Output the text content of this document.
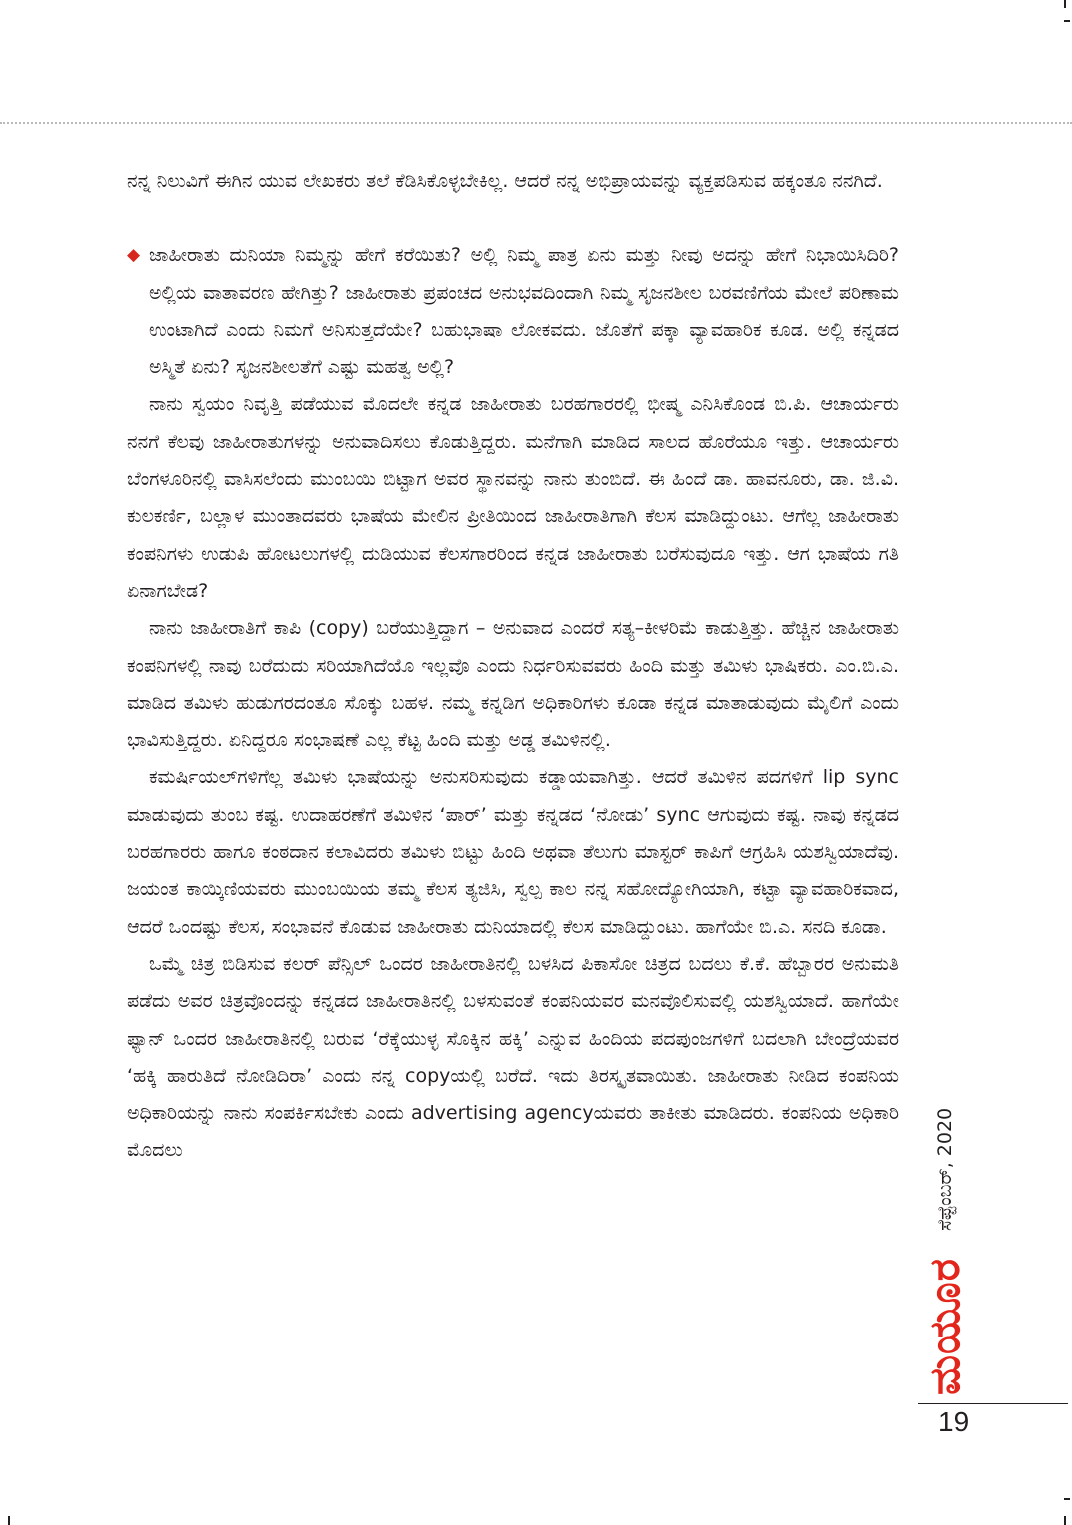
ನನ್ನ ನಿಲುವಿಗೆ ಈಗಿನ ಯುವ ಲೇಖಕರು ತಲೆ ಕೆಡಿಸಿಕೊಳ್ಳಬೇಕಿಲ್ಲ. ಆದರೆ ನನ್ನ ಅಭಿಪ್ರಾಯವನ್ನು ವ್ಯಕ್ತಪಡಿಸುವ ಹಕ್ಕಂತೂ ನನಗಿದೆ.

◆ ಜಾಹೀರಾತು ದುನಿಯಾ ನಿಮ್ಮನ್ನು ಹೇಗೆ ಕರೆಯಿತು? ಅಲ್ಲಿ ನಿಮ್ಮ ಪಾತ್ರ ಏನು ಮತ್ತು ನೀವು ಅದನ್ನು ಹೇಗೆ ನಿಭಾಯಿಸಿದಿರಿ? ಅಲ್ಲಿಯ ವಾತಾವರಣ ಹೇಗಿತ್ತು? ಜಾಹೀರಾತು ಪ್ರಪಂಚದ ಅನುಭವದಿಂದಾಗಿ ನಿಮ್ಮ ಸೃಜನಶೀಲ ಬರವಣಿಗೆಯ ಮೇಲೆ ಪರಿಣಾಮ ಉಂಟಾಗಿದೆ ಎಂದು ನಿಮಗೆ ಅನಿಸುತ್ತದೆಯೇ? ಬಹುಭಾಷಾ ಲೋಕವದು. ಜೊತೆಗೆ ಪಕ್ಕಾ ವ್ಯಾವಹಾರಿಕ ಕೂಡ. ಅಲ್ಲಿ ಕನ್ನಡದ ಅಸ್ಮಿತೆ ಏನು? ಸೃಜನಶೀಲತೆಗೆ ಎಷ್ಟು ಮಹತ್ವ ಅಲ್ಲಿ?

ನಾನು ಸ್ವಯಂ ನಿವೃತ್ತಿ ಪಡೆಯುವ ಮೊದಲೇ ಕನ್ನಡ ಜಾಹೀರಾತು ಬರಹಗಾರರಲ್ಲಿ ಭೀಷ್ಮ ಎನಿಸಿಕೊಂಡ ಬಿ.ಪಿ. ಆಚಾರ್ಯರು ನನಗೆ ಕೆಲವು ಜಾಹೀರಾತುಗಳನ್ನು ಅನುವಾದಿಸಲು ಕೊಡುತ್ತಿದ್ದರು. ಮನೆಗಾಗಿ ಮಾಡಿದ ಸಾಲದ ಹೊರೆಯೂ ಇತ್ತು. ಆಚಾರ್ಯರು ಬೆಂಗಳೂರಿನಲ್ಲಿ ವಾಸಿಸಲೆಂದು ಮುಂಬಯಿ ಬಿಟ್ಟಾಗ ಅವರ ಸ್ಥಾನವನ್ನು ನಾನು ತುಂಬಿದೆ. ಈ ಹಿಂದೆ ಡಾ. ಹಾವನೂರು, ಡಾ. ಜಿ.ವಿ. ಕುಲಕರ್ಣಿ, ಬಲ್ಲಾಳ ಮುಂತಾದವರು ಭಾಷೆಯ ಮೇಲಿನ ಪ್ರೀತಿಯಿಂದ ಜಾಹೀರಾತಿಗಾಗಿ ಕೆಲಸ ಮಾಡಿದ್ದುಂಟು. ಆಗೆಲ್ಲ ಜಾಹೀರಾತು ಕಂಪನಿಗಳು ಉಡುಪಿ ಹೋಟಲುಗಳಲ್ಲಿ ದುಡಿಯುವ ಕೆಲಸಗಾರರಿಂದ ಕನ್ನಡ ಜಾಹೀರಾತು ಬರೆಸುವುದೂ ಇತ್ತು. ಆಗ ಭಾಷೆಯ ಗತಿ ಏನಾಗಬೇಡ?

ನಾನು ಜಾಹೀರಾತಿಗೆ ಕಾಪಿ (copy) ಬರೆಯುತ್ತಿದ್ದಾಗ – ಅನುವಾದ ಎಂದರೆ ಸತ್ಯ–ಕೀಳರಿಮೆ ಕಾಡುತ್ತಿತ್ತು. ಹೆಚ್ಚಿನ ಜಾಹೀರಾತು ಕಂಪನಿಗಳಲ್ಲಿ ನಾವು ಬರೆದುದು ಸರಿಯಾಗಿದೆಯೊ ಇಲ್ಲವೊ ಎಂದು ನಿರ್ಧರಿಸುವವರು ಹಿಂದಿ ಮತ್ತು ತಮಿಳು ಭಾಷಿಕರು. ಎಂ.ಬಿ.ಎ. ಮಾಡಿದ ತಮಿಳು ಹುಡುಗರದಂತೂ ಸೊಕ್ಕು ಬಹಳ. ನಮ್ಮ ಕನ್ನಡಿಗ ಅಧಿಕಾರಿಗಳು ಕೂಡಾ ಕನ್ನಡ ಮಾತಾಡುವುದು ಮೈಲಿಗೆ ಎಂದು ಭಾವಿಸುತ್ತಿದ್ದರು. ಏನಿದ್ದರೂ ಸಂಭಾಷಣೆ ಎಲ್ಲ ಕೆಟ್ಟ ಹಿಂದಿ ಮತ್ತು ಅಡ್ಡ ತಮಿಳಿನಲ್ಲಿ.

ಕಮರ್ಷಿಯಲ್‌ಗಳಿಗೆಲ್ಲ ತಮಿಳು ಭಾಷೆಯನ್ನು ಅನುಸರಿಸುವುದು ಕಡ್ಡಾಯವಾಗಿತ್ತು. ಆದರೆ ತಮಿಳಿನ ಪದಗಳಿಗೆ lip sync ಮಾಡುವುದು ತುಂಬ ಕಷ್ಟ. ಉದಾಹರಣೆಗೆ ತಮಿಳಿನ ‘ಪಾರ್’ ಮತ್ತು ಕನ್ನಡದ ‘ನೋಡು’ sync ಆಗುವುದು ಕಷ್ಟ. ನಾವು ಕನ್ನಡದ ಬರಹಗಾರರು ಹಾಗೂ ಕಂಠದಾನ ಕಲಾವಿದರು ತಮಿಳು ಬಿಟ್ಟು ಹಿಂದಿ ಅಥವಾ ತೆಲುಗು ಮಾಸ್ಟರ್ ಕಾಪಿಗೆ ಆಗ್ರಹಿಸಿ ಯಶಸ್ವಿಯಾದೆವು. ಜಯಂತ ಕಾಯ್ಕಿಣಿಯವರು ಮುಂಬಯಿಯ ತಮ್ಮ ಕೆಲಸ ತ್ಯಜಿಸಿ, ಸ್ವಲ್ಪ ಕಾಲ ನನ್ನ ಸಹೋದ್ಯೋಗಿಯಾಗಿ, ಕಟ್ಟಾ ವ್ಯಾವಹಾರಿಕವಾದ, ಆದರೆ ಒಂದಷ್ಟು ಕೆಲಸ, ಸಂಭಾವನೆ ಕೊಡುವ ಜಾಹೀರಾತು ದುನಿಯಾದಲ್ಲಿ ಕೆಲಸ ಮಾಡಿದ್ದುಂಟು. ಹಾಗೆಯೇ ಬಿ.ಎ. ಸನದಿ ಕೂಡಾ.

ಒಮ್ಮೆ ಚಿತ್ರ ಬಿಡಿಸುವ ಕಲರ್ ಪೆನ್ಸಿಲ್ ಒಂದರ ಜಾಹೀರಾತಿನಲ್ಲಿ ಬಳಸಿದ ಪಿಕಾಸೋ ಚಿತ್ರದ ಬದಲು ಕೆ.ಕೆ. ಹೆಬ್ಬಾರರ ಅನುಮತಿ ಪಡೆದು ಅವರ ಚಿತ್ರವೊಂದನ್ನು ಕನ್ನಡದ ಜಾಹೀರಾತಿನಲ್ಲಿ ಬಳಸುವಂತೆ ಕಂಪನಿಯವರ ಮನವೊಲಿಸುವಲ್ಲಿ ಯಶಸ್ವಿಯಾದೆ. ಹಾಗೆಯೇ ಫ್ಯಾನ್ ಒಂದರ ಜಾಹೀರಾತಿನಲ್ಲಿ ಬರುವ ‘ರೆಕ್ಕೆಯುಳ್ಳ ಸೊಕ್ಕಿನ ಹಕ್ಕಿ’ ಎನ್ನುವ ಹಿಂದಿಯ ಪದಪುಂಜಗಳಿಗೆ ಬದಲಾಗಿ ಬೇಂದ್ರೆಯವರ ‘ಹಕ್ಕಿ ಹಾರುತಿದೆ ನೋಡಿದಿರಾ’ ಎಂದು ನನ್ನ copyಯಲ್ಲಿ ಬರೆದೆ. ಇದು ತಿರಸ್ಕೃತವಾಯಿತು. ಜಾಹೀರಾತು ನೀಡಿದ ಕಂಪನಿಯ ಅಧಿಕಾರಿಯನ್ನು ನಾನು ಸಂಪರ್ಕಿಸಬೇಕು ಎಂದು advertising agencyಯವರು ತಾಕೀತು ಮಾಡಿದರು. ಕಂಪನಿಯ ಅಧಿಕಾರಿ ಮೊದಲು

ಮಯೂರ ಸೆಪ್ಟೆಂಬರ್, 2020
19
